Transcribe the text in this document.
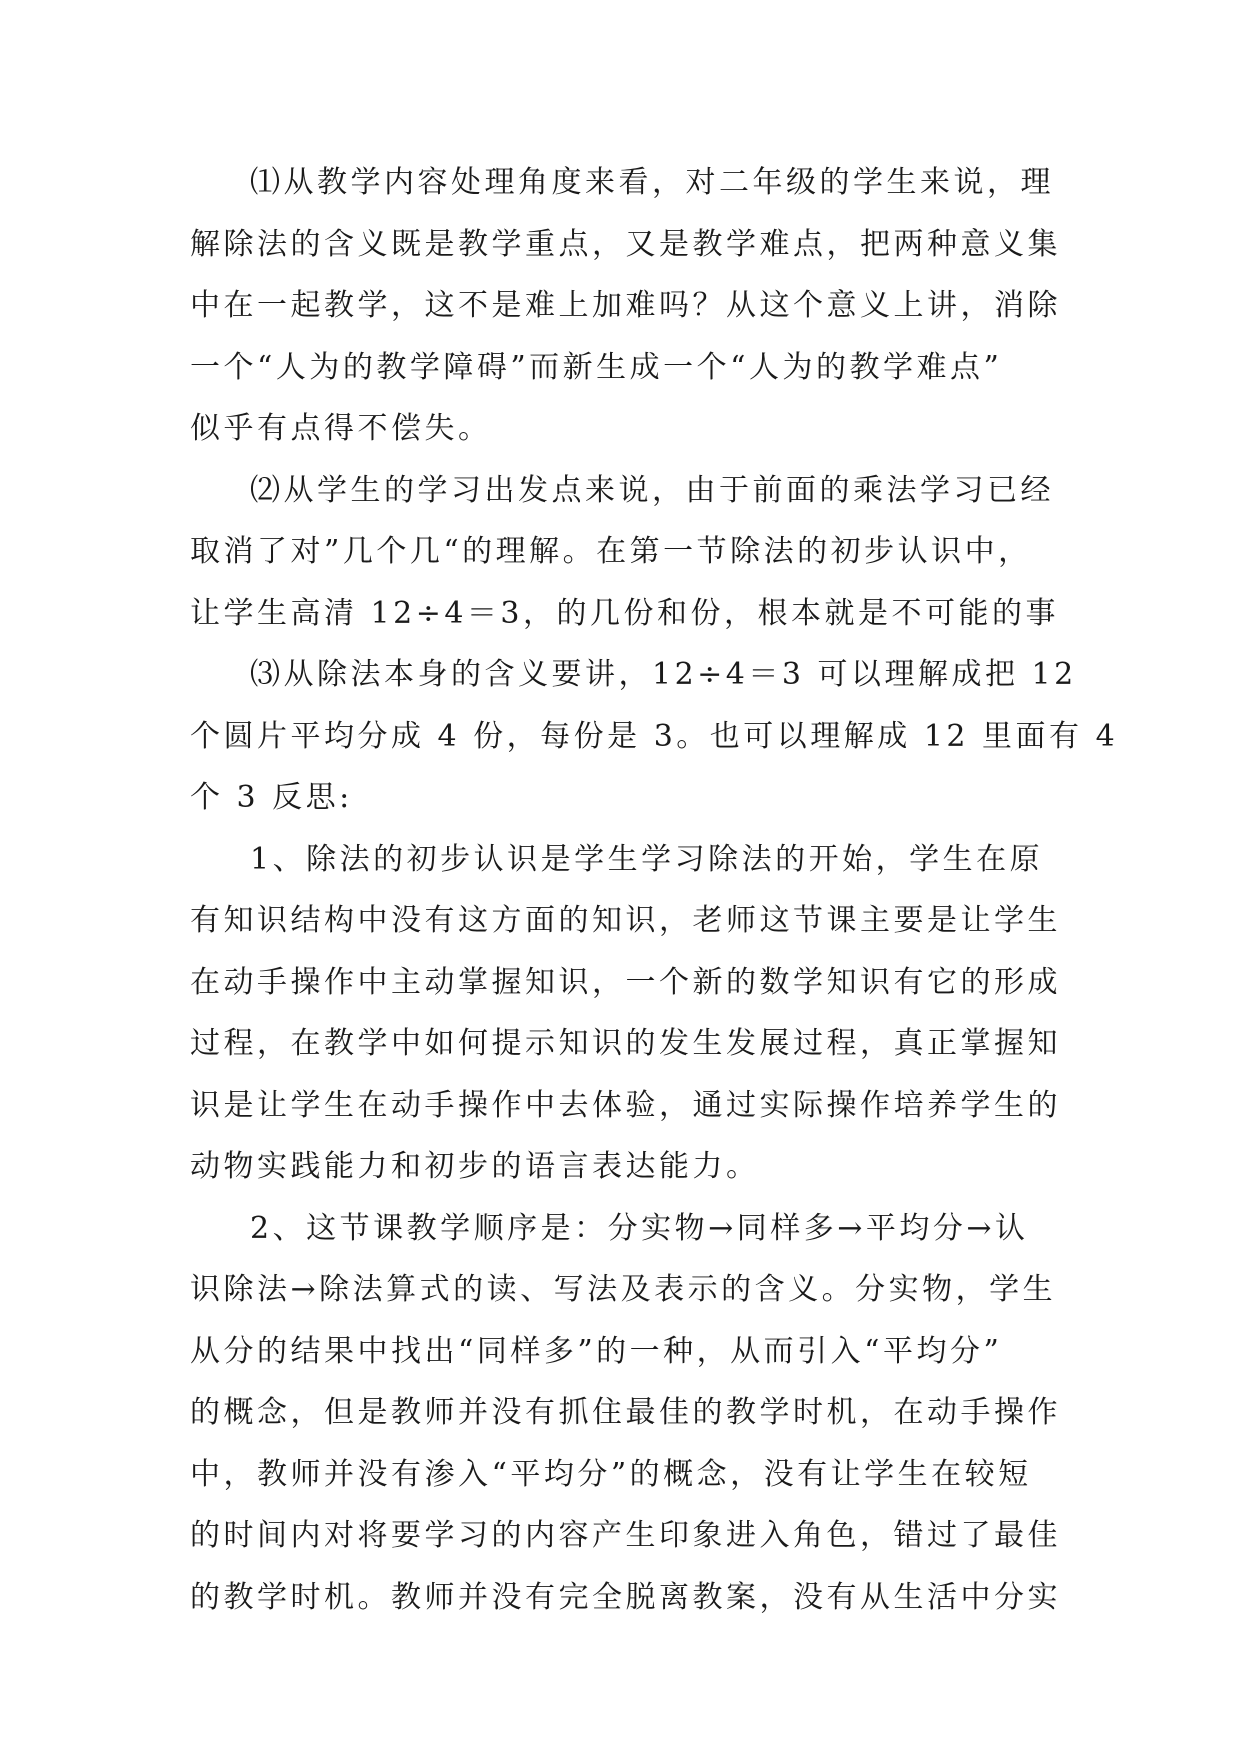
⑴从教学内容处理角度来看，对二年级的学生来说，理
解除法的含义既是教学重点，又是教学难点，把两种意义集
中在一起教学，这不是难上加难吗？从这个意义上讲，消除
一个“人为的教学障碍”而新生成一个“人为的教学难点”
似乎有点得不偿失。

⑵从学生的学习出发点来说，由于前面的乘法学习已经
取消了对”几个几“的理解。在第一节除法的初步认识中，
让学生高清 12÷4＝3，的几份和份，根本就是不可能的事

⑶从除法本身的含义要讲，12÷4＝3 可以理解成把 12
个圆片平均分成 4 份，每份是 3。也可以理解成 12 里面有 4
个 3 反思:

1、除法的初步认识是学生学习除法的开始，学生在原
有知识结构中没有这方面的知识，老师这节课主要是让学生
在动手操作中主动掌握知识，一个新的数学知识有它的形成
过程，在教学中如何提示知识的发生发展过程，真正掌握知
识是让学生在动手操作中去体验，通过实际操作培养学生的
动物实践能力和初步的语言表达能力。

2、这节课教学顺序是：分实物→同样多→平均分→认
识除法→除法算式的读、写法及表示的含义。分实物，学生
从分的结果中找出“同样多”的一种，从而引入“平均分”
的概念，但是教师并没有抓住最佳的教学时机，在动手操作
中，教师并没有渗入“平均分”的概念，没有让学生在较短
的时间内对将要学习的内容产生印象进入角色，错过了最佳
的教学时机。教师并没有完全脱离教案，没有从生活中分实
